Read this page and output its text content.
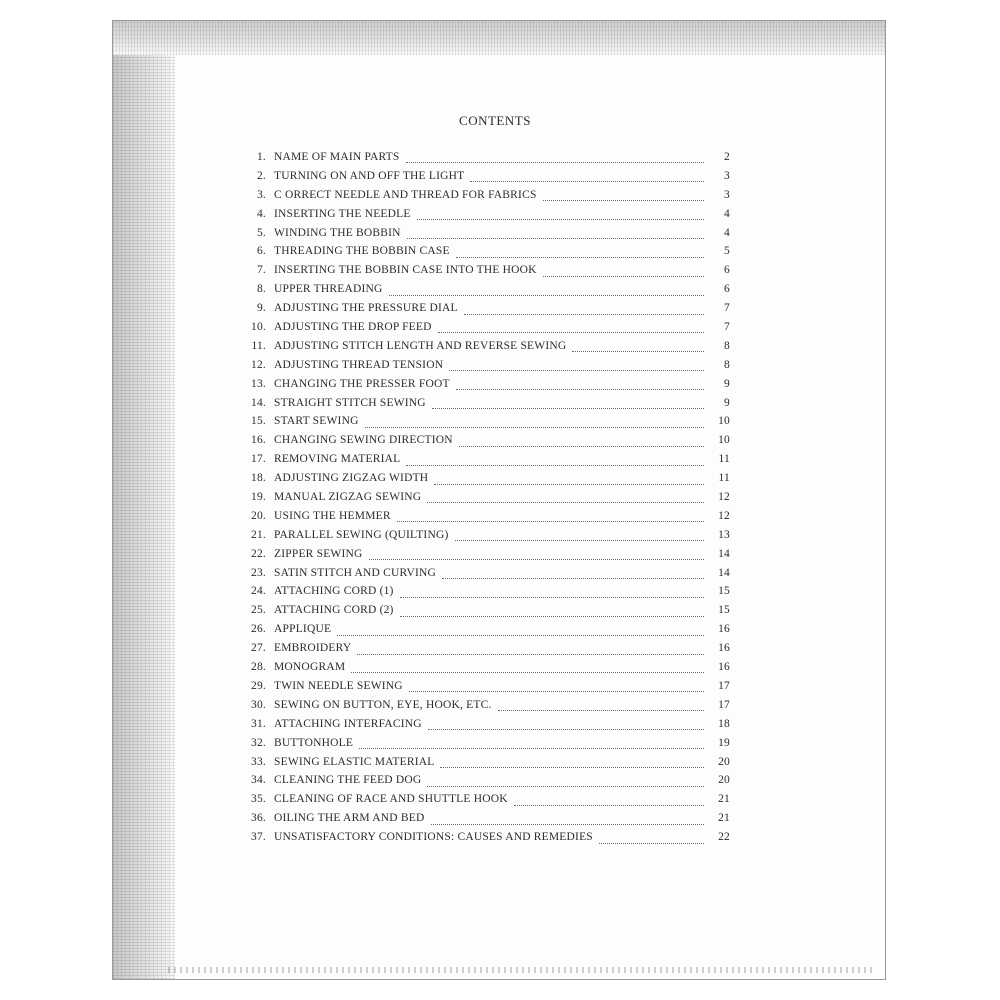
CONTENTS
1. NAME OF MAIN PARTS	2
2. TURNING ON AND OFF THE LIGHT	3
3. C ORRECT NEEDLE AND THREAD FOR FABRICS	3
4. INSERTING THE NEEDLE	4
5. WINDING THE BOBBIN	4
6. THREADING THE BOBBIN CASE	5
7. INSERTING THE BOBBIN CASE INTO THE HOOK	6
8. UPPER THREADING	6
9. ADJUSTING THE PRESSURE DIAL	7
10. ADJUSTING THE DROP FEED	7
11. ADJUSTING STITCH LENGTH AND REVERSE SEWING	8
12. ADJUSTING THREAD TENSION	8
13. CHANGING THE PRESSER FOOT	9
14. STRAIGHT STITCH SEWING	9
15. START SEWING	10
16. CHANGING SEWING DIRECTION	10
17. REMOVING MATERIAL	11
18. ADJUSTING ZIGZAG WIDTH	11
19. MANUAL ZIGZAG SEWING	12
20. USING THE HEMMER	12
21. PARALLEL SEWING (QUILTING)	13
22. ZIPPER SEWING	14
23. SATIN STITCH AND CURVING	14
24. ATTACHING CORD (1)	15
25. ATTACHING CORD (2)	15
26. APPLIQUE	16
27. EMBROIDERY	16
28. MONOGRAM	16
29. TWIN NEEDLE SEWING	17
30. SEWING ON BUTTON, EYE, HOOK, ETC.	17
31. ATTACHING INTERFACING	18
32. BUTTONHOLE	19
33. SEWING ELASTIC MATERIAL	20
34. CLEANING THE FEED DOG	20
35. CLEANING OF RACE AND SHUTTLE HOOK	21
36. OILING THE ARM AND BED	21
37. UNSATISFACTORY CONDITIONS: CAUSES AND REMEDIES	22
